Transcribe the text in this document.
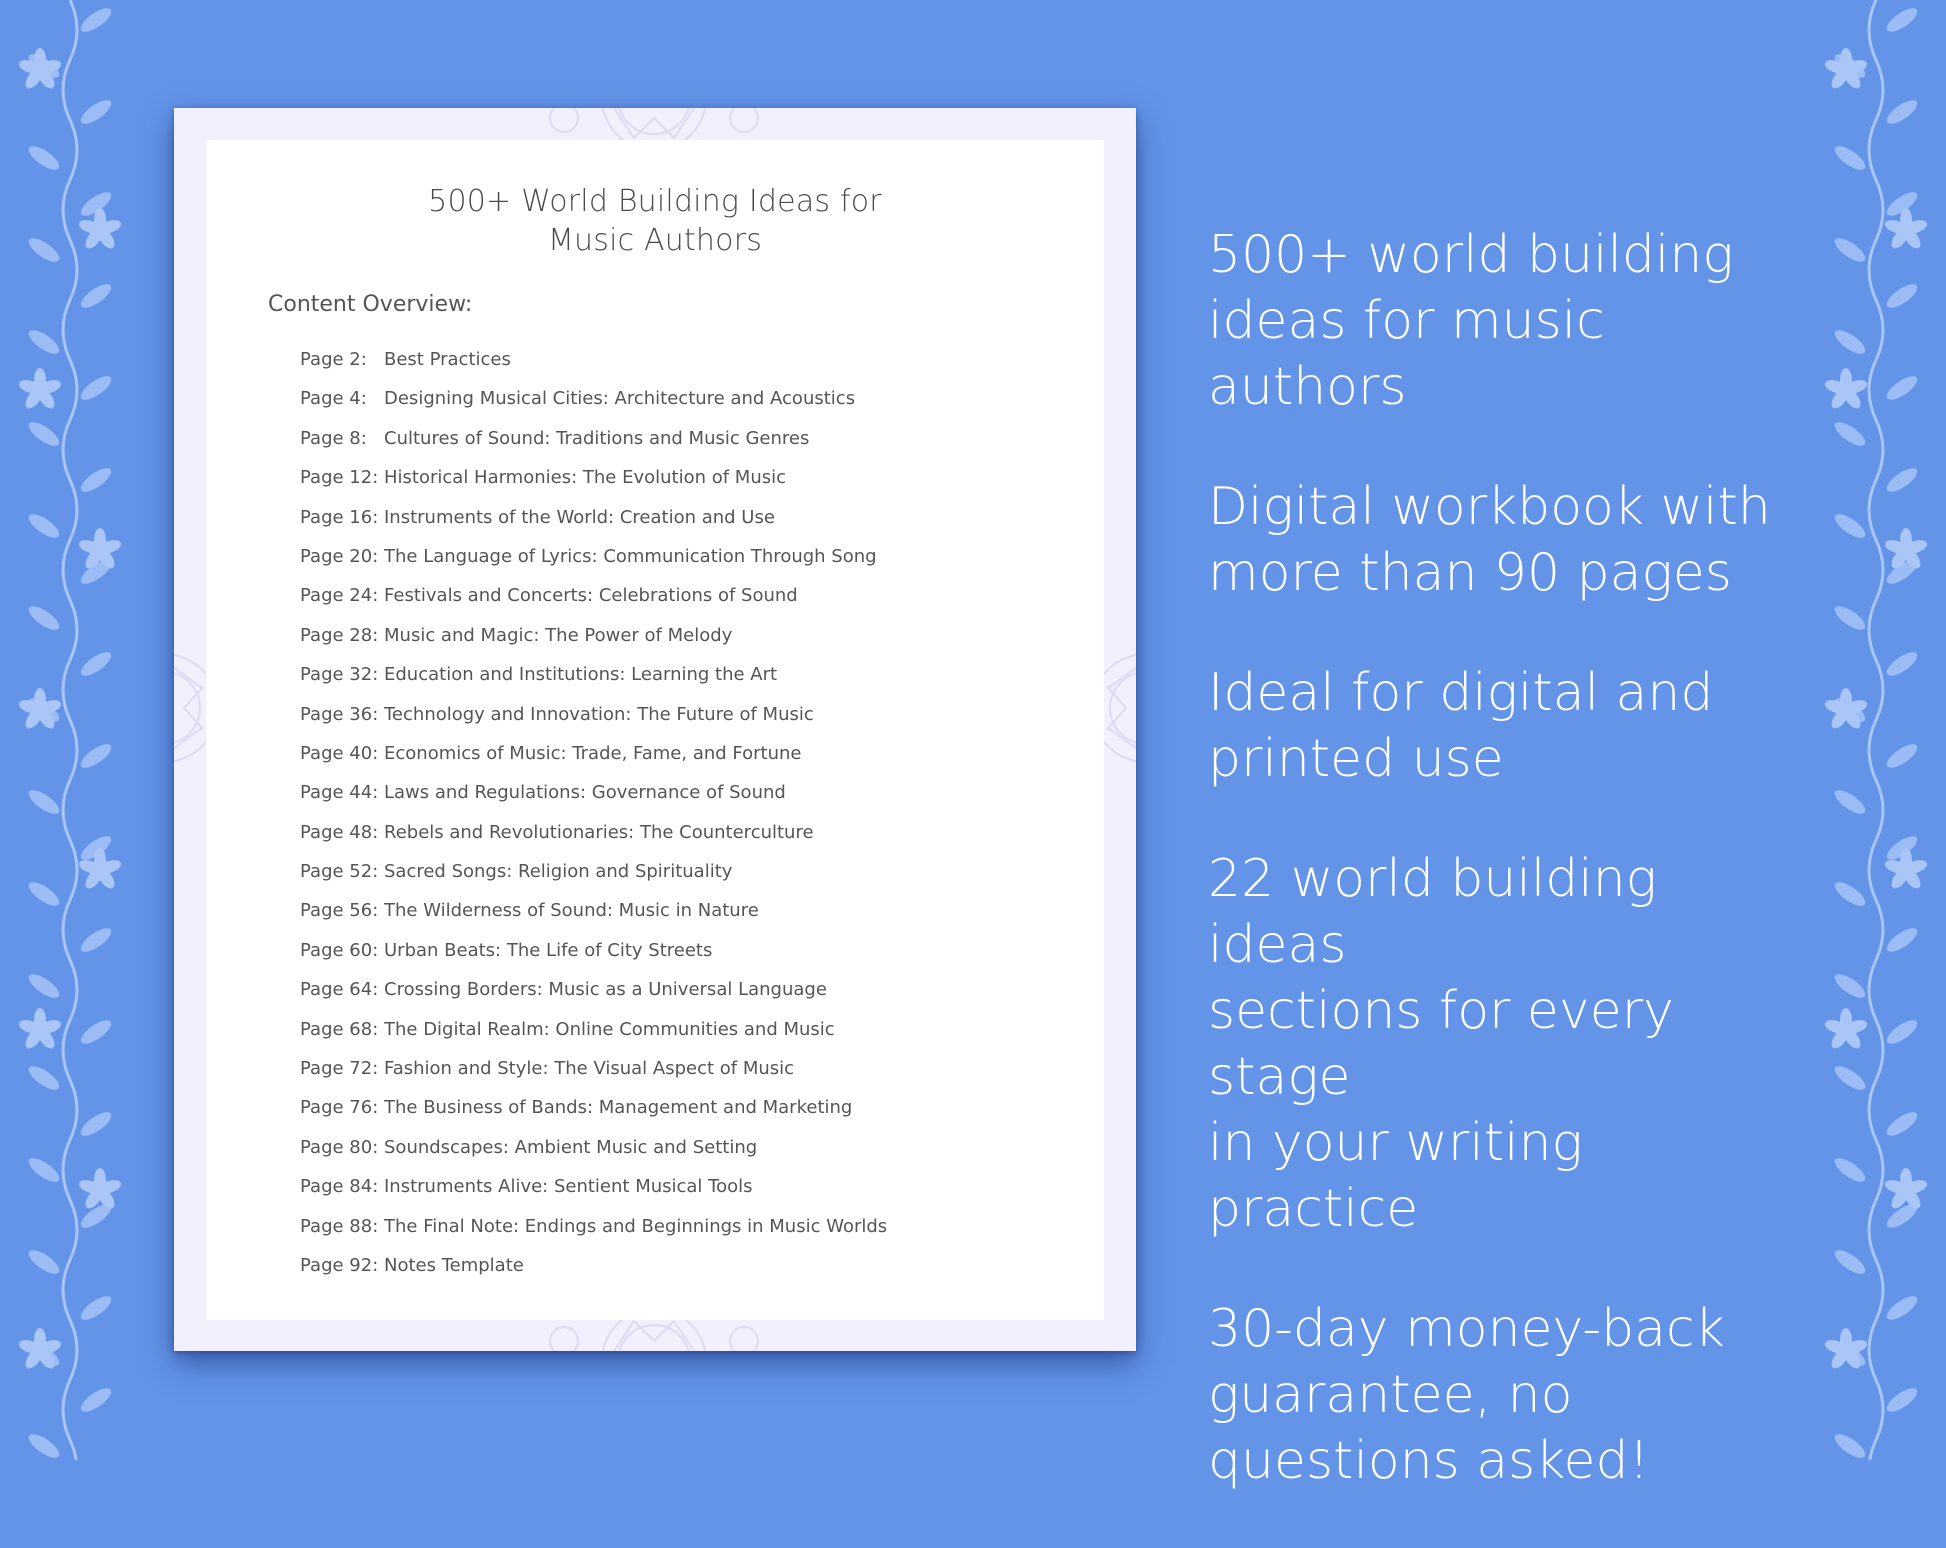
500+ World Building Ideas for
Music Authors
Content Overview:
Page 2: Best Practices
Page 4: Designing Musical Cities: Architecture and Acoustics
Page 8: Cultures of Sound: Traditions and Music Genres
Page 12: Historical Harmonies: The Evolution of Music
Page 16: Instruments of the World: Creation and Use
Page 20: The Language of Lyrics: Communication Through Song
Page 24: Festivals and Concerts: Celebrations of Sound
Page 28: Music and Magic: The Power of Melody
Page 32: Education and Institutions: Learning the Art
Page 36: Technology and Innovation: The Future of Music
Page 40: Economics of Music: Trade, Fame, and Fortune
Page 44: Laws and Regulations: Governance of Sound
Page 48: Rebels and Revolutionaries: The Counterculture
Page 52: Sacred Songs: Religion and Spirituality
Page 56: The Wilderness of Sound: Music in Nature
Page 60: Urban Beats: The Life of City Streets
Page 64: Crossing Borders: Music as a Universal Language
Page 68: The Digital Realm: Online Communities and Music
Page 72: Fashion and Style: The Visual Aspect of Music
Page 76: The Business of Bands: Management and Marketing
Page 80: Soundscapes: Ambient Music and Setting
Page 84: Instruments Alive: Sentient Musical Tools
Page 88: The Final Note: Endings and Beginnings in Music Worlds
Page 92: Notes Template
500+ world building
ideas for music authors
Digital workbook with
more than 90 pages
Ideal for digital and
printed use
22 world building ideas
sections for every stage
in your writing practice
30-day money-back
guarantee, no
questions asked!
